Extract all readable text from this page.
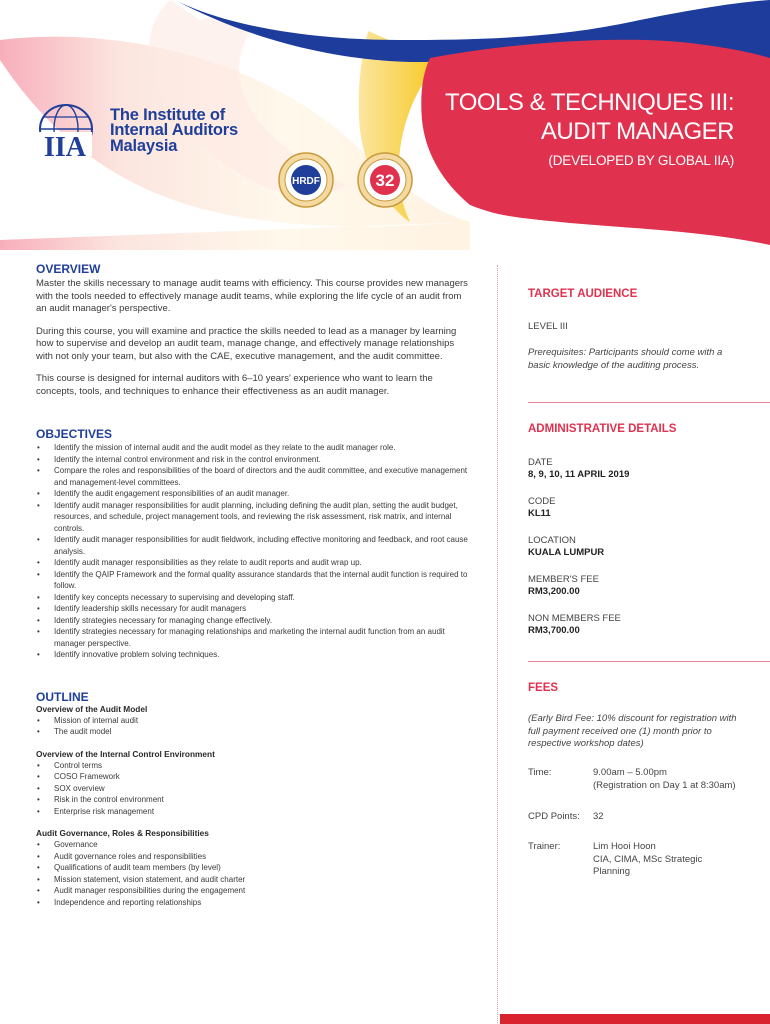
IIA
The Institute of
Internal Auditors
Malaysia
HRDF	32
TOOLS & TECHNIQUES III:
AUDIT MANAGER
(DEVELOPED BY GLOBAL IIA)
OVERVIEW

Master the skills necessary to manage audit teams with efficiency. This course provides new managers with the tools needed to effectively manage audit teams, while exploring the life cycle of an audit from an audit manager's perspective.

During this course, you will examine and practice the skills needed to lead as a manager by learning how to supervise and develop an audit team, manage change, and effectively manage relationships with not only your team, but also with the CAE, executive management, and the audit committee.

This course is designed for internal auditors with 6–10 years' experience who want to learn the concepts, tools, and techniques to enhance their effectiveness as an audit manager.

OBJECTIVES
• Identify the mission of internal audit and the audit model as they relate to the audit manager role.
• Identify the internal control environment and risk in the control environment.
• Compare the roles and responsibilities of the board of directors and the audit committee, and executive management and management-level committees.
• Identify the audit engagement responsibilities of an audit manager.
• Identify audit manager responsibilities for audit planning, including defining the audit plan, setting the audit budget, resources, and schedule, project management tools, and reviewing the risk assessment, risk matrix, and internal controls.
• Identify audit manager responsibilities for audit fieldwork, including effective monitoring and feedback, and root cause analysis.
• Identify audit manager responsibilities as they relate to audit reports and audit wrap up.
• Identify the QAIP Framework and the formal quality assurance standards that the internal audit function is required to follow.
• Identify key concepts necessary to supervising and developing staff.
• Identify leadership skills necessary for audit managers
• Identify strategies necessary for managing change effectively.
• Identify strategies necessary for managing relationships and marketing the internal audit function from an audit manager perspective.
• Identify innovative problem solving techniques.
OUTLINE
Overview of the Audit Model
• Mission of internal audit
• The audit model
Overview of the Internal Control Environment
• Control terms
• COSO Framework
• SOX overview
• Risk in the control environment
• Enterprise risk management
Audit Governance, Roles & Responsibilities
• Governance
• Audit governance roles and responsibilities
• Qualifications of audit team members (by level)
• Mission statement, vision statement, and audit charter
• Audit manager responsibilities during the engagement
• Independence and reporting relationships
TARGET AUDIENCE
LEVEL III
Prerequisites: Participants should come with a basic knowledge of the auditing process.
ADMINISTRATIVE DETAILS
DATE
8, 9, 10, 11 APRIL 2019
CODE
KL11
LOCATION
KUALA LUMPUR
MEMBER'S FEE
RM3,200.00
NON MEMBERS FEE
RM3,700.00
FEES
(Early Bird Fee: 10% discount for registration with full payment received one (1) month prior to respective workshop dates)
Time:	9.00am – 5.00pm
(Registration on Day 1 at 8:30am)
CPD Points:	32
Trainer:	Lim Hooi Hoon
CIA, CIMA, MSc Strategic Planning
